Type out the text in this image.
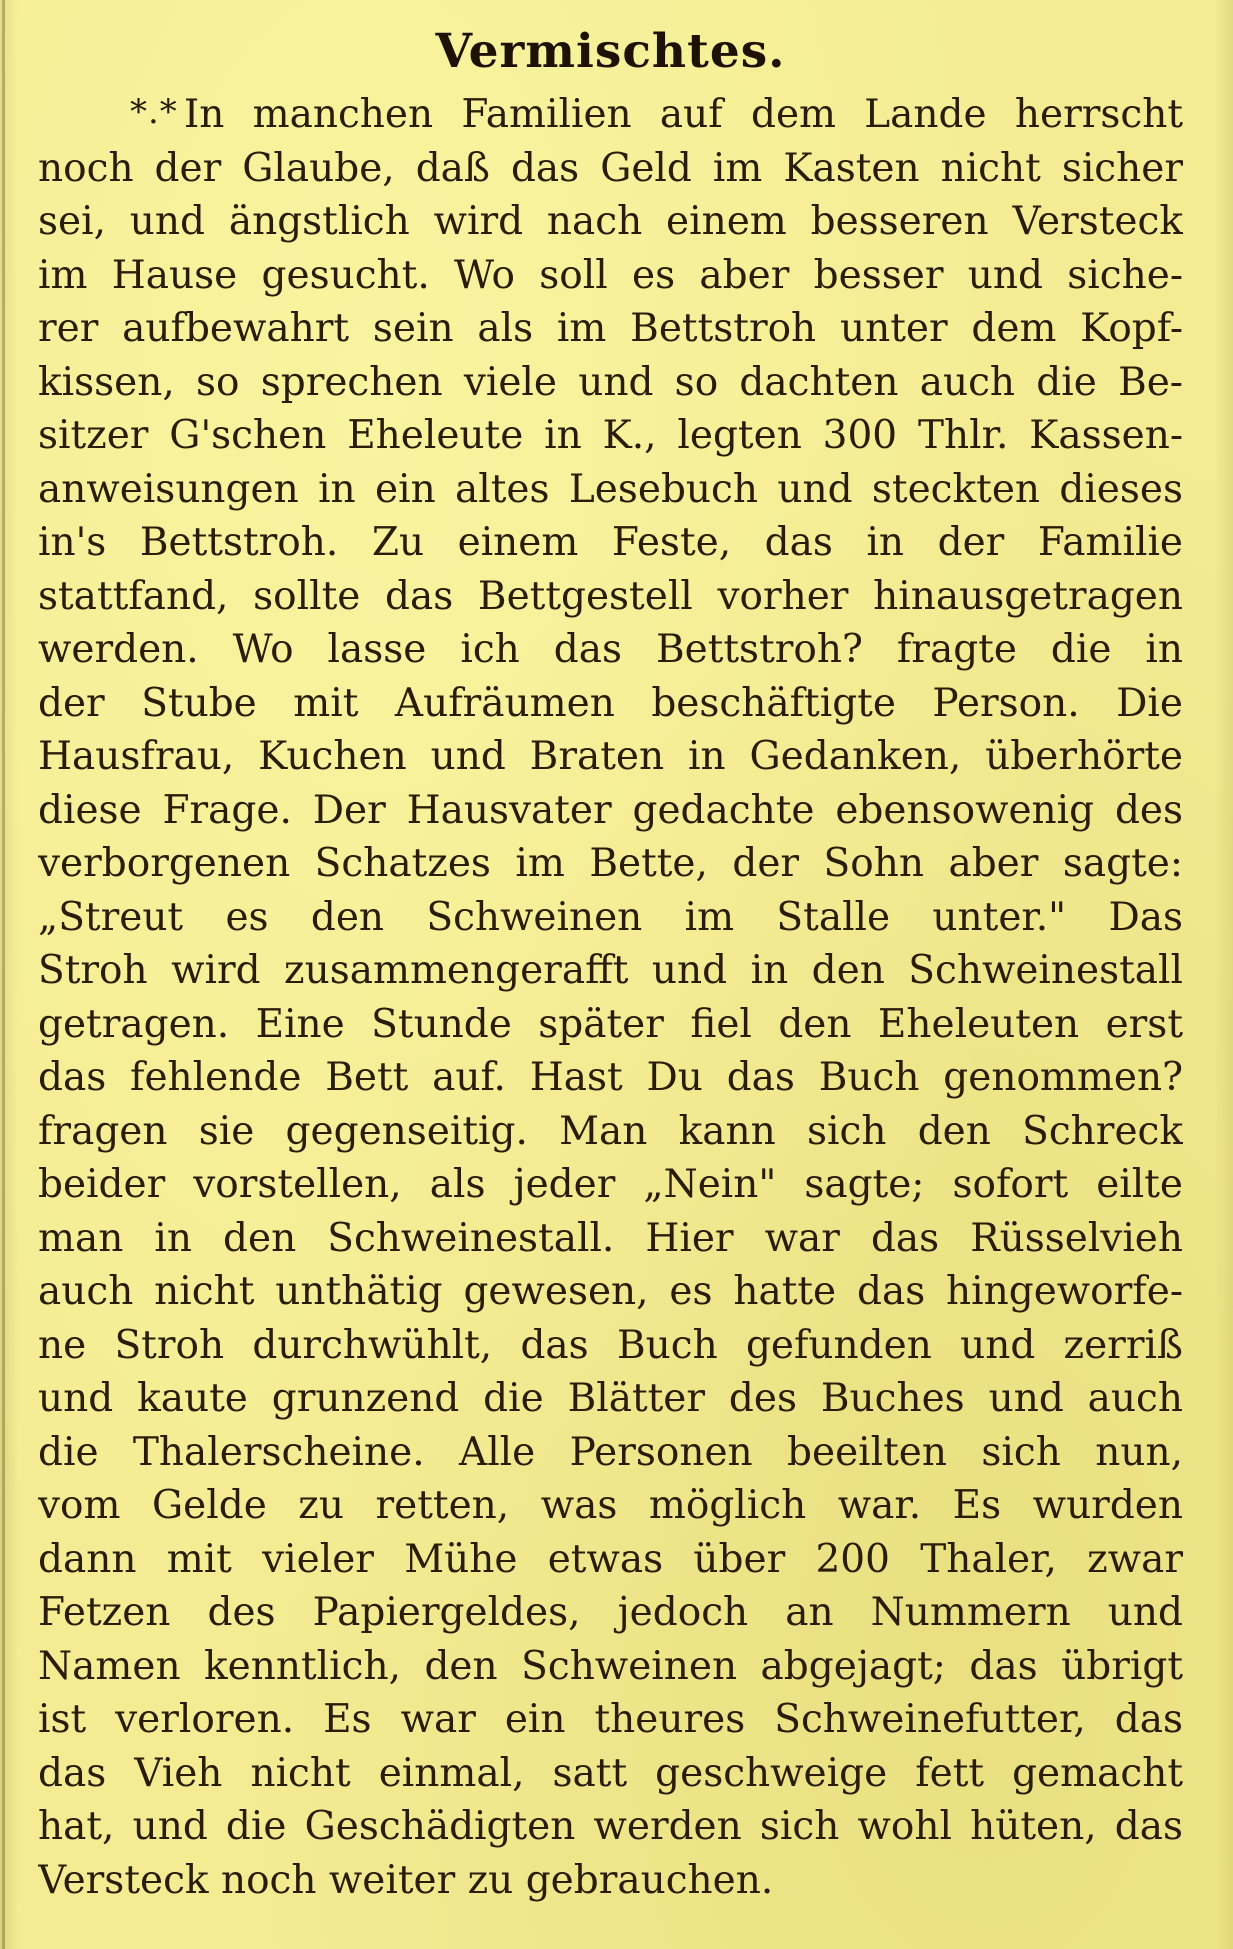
Vermischtes.
*.* In manchen Familien auf dem Lande herrscht
noch der Glaube, daß das Geld im Kasten nicht sicher
sei, und ängstlich wird nach einem besseren Versteck
im Hause gesucht. Wo soll es aber besser und siche-
rer aufbewahrt sein als im Bettstroh unter dem Kopf-
kissen, so sprechen viele und so dachten auch die Be-
sitzer G'schen Eheleute in K., legten 300 Thlr. Kassen-
anweisungen in ein altes Lesebuch und steckten dieses
in's Bettstroh. Zu einem Feste, das in der Familie
stattfand, sollte das Bettgestell vorher hinausgetragen
werden. Wo lasse ich das Bettstroh? fragte die in
der Stube mit Aufräumen beschäftigte Person. Die
Hausfrau, Kuchen und Braten in Gedanken, überhörte
diese Frage. Der Hausvater gedachte ebensowenig des
verborgenen Schatzes im Bette, der Sohn aber sagte:
„Streut es den Schweinen im Stalle unter." Das
Stroh wird zusammengerafft und in den Schweinestall
getragen. Eine Stunde später fiel den Eheleuten erst
das fehlende Bett auf. Hast Du das Buch genommen?
fragen sie gegenseitig. Man kann sich den Schreck
beider vorstellen, als jeder „Nein" sagte; sofort eilte
man in den Schweinestall. Hier war das Rüsselvieh
auch nicht unthätig gewesen, es hatte das hingeworfe-
ne Stroh durchwühlt, das Buch gefunden und zerriß
und kaute grunzend die Blätter des Buches und auch
die Thalerscheine. Alle Personen beeilten sich nun,
vom Gelde zu retten, was möglich war. Es wurden
dann mit vieler Mühe etwas über 200 Thaler, zwar
Fetzen des Papiergeldes, jedoch an Nummern und
Namen kenntlich, den Schweinen abgejagt; das übrigt
ist verloren. Es war ein theures Schweinefutter, das
das Vieh nicht einmal, satt geschweige fett gemacht
hat, und die Geschädigten werden sich wohl hüten, das
Versteck noch weiter zu gebrauchen.
